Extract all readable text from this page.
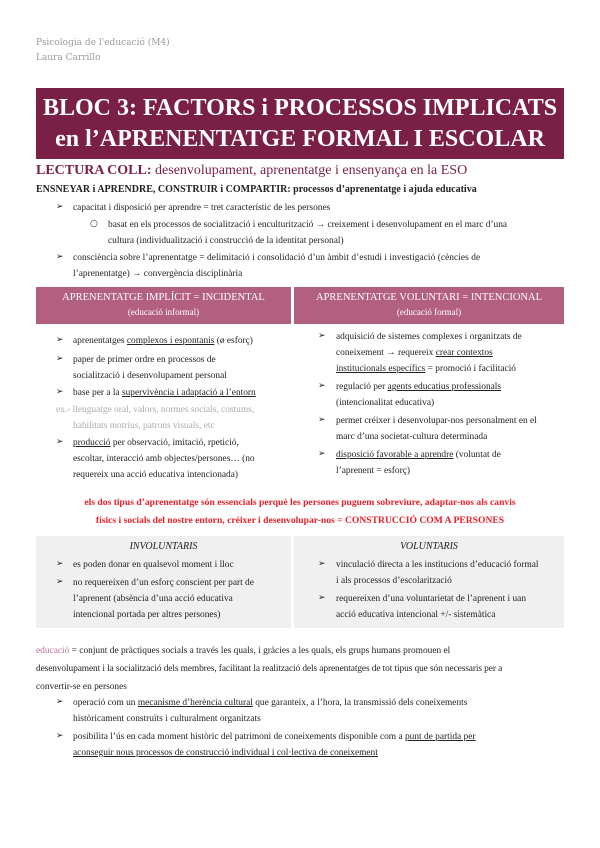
Psicologia de l'educació (M4)
Laura Carrillo
BLOC 3: FACTORS i PROCESSOS IMPLICATS
en l’APRENENTATGE FORMAL I ESCOLAR
LECTURA COLL: desenvolupament, aprenentatge i ensenyança en la ESO
ENSNEYAR i APRENDRE, CONSTRUIR i COMPARTIR: processos d’aprenentatge i ajuda educativa
➢ capacitat i disposició per aprendre = tret característic de les persones
○ basat en els processos de socialització i enculturització → creixement i desenvolupament en el marc d’una
cultura (individualització i construcció de la identitat personal)
➢ consciència sobre l’aprenentatge = delimitació i consolidació d’un àmbit d’estudi i investigació (cències de
l’aprenentatge) → convergència disciplinària
APRENENTATGE IMPLÍCIT = INCIDENTAL
(educació informal)
APRENENTATGE VOLUNTARI = INTENCIONAL
(educació formal)
➢ aprenentatges complexos i espontanis (ø esforç)
➢ paper de primer ordre en processos de
socialització i desenvolupament personal
➢ base per a la supervivència i adaptació a l’entorn
ex.- llenguatge oral, valors, normes socials, costums,
habilitats motrius, patrons visuals, etc
➢ producció per observació, imitació, rpetició,
escoltar, interacció amb objectes/persones… (no
requereix una acció educativa intencionada)
➢ adquisició de sistemes complexes i organitzats de
coneixement → requereix crear contextos
institucionals específics = promoció i facilitació
➢ regulació per agents educatius professionals
(intencionalitat educativa)
➢ permet créixer i desenvolupar-nos personalment en el
marc d’una societat-cultura determinada
➢ disposició favorable a aprendre (voluntat de
l’aprenent = esforç)
els dos tipus d’aprenentatge són essencials perquè les persones puguem sobreviure, adaptar-nos als canvis
físics i socials del nostre entorn, créixer i desenvolupar-nos = CONSTRUCCIÓ COM A PERSONES
INVOLUNTARIS	VOLUNTARIS
➢ es poden donar en qualsevol moment i lloc
➢ no requereixen d’un esforç conscient per part de
l’aprenent (absència d’una acció educativa
intencional portada per altres persones)
➢ vinculació directa a les institucions d’educació formal
i als processos d’escolarització
➢ requereixen d’una voluntarietat de l’aprenent i uan
acció educativa intencional +/- sistemàtica
educació = conjunt de pràctiques socials a través les quals, i gràcies a les quals, els grups humans promouen el
desenvolupament i la socialització dels membres, facilitant la realització dels aprenentatges de tot tipus que són necessaris per a
convertir-se en persones
➢ operació com un mecanisme d’herència cultural que garanteix, a l’hora, la transmissió dels coneixements
històricament construïts i culturalment organitzats
➢ posibilita l’ús en cada moment històric del patrimoni de coneixements disponible com a punt de partida per
aconseguir nous processos de construcció individual i col·lectiva de coneixement
